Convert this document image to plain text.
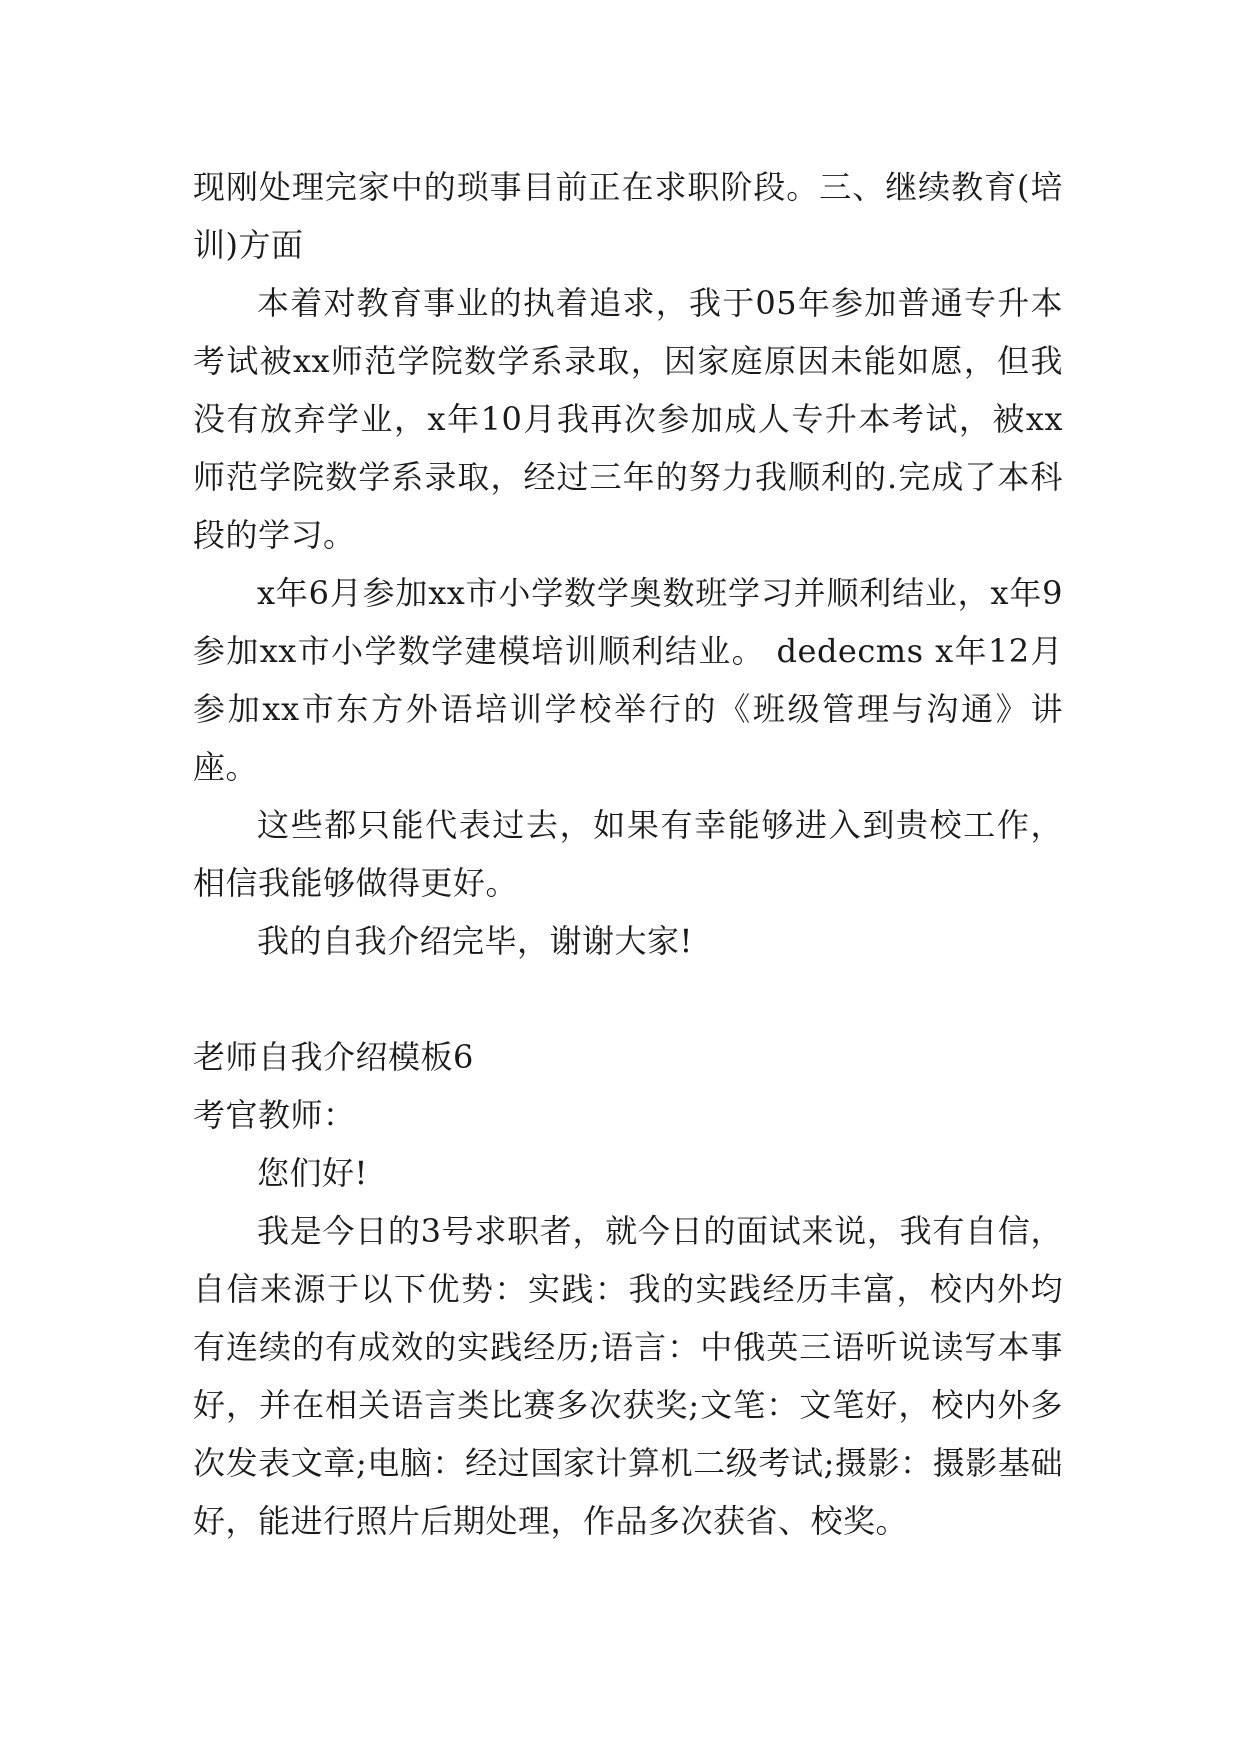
现刚处理完家中的琐事目前正在求职阶段。三、继续教育(培训)方面

本着对教育事业的执着追求，我于05年参加普通专升本考试被xx师范学院数学系录取，因家庭原因未能如愿，但我没有放弃学业，x年10月我再次参加成人专升本考试，被xx师范学院数学系录取，经过三年的努力我顺利的.完成了本科段的学习。

x年6月参加xx市小学数学奥数班学习并顺利结业，x年9参加xx市小学数学建模培训顺利结业。 dedecms x年12月参加xx市东方外语培训学校举行的《班级管理与沟通》讲座。

这些都只能代表过去，如果有幸能够进入到贵校工作，相信我能够做得更好。

我的自我介绍完毕，谢谢大家!

老师自我介绍模板6

考官教师：

您们好!

我是今日的3号求职者，就今日的面试来说，我有自信，自信来源于以下优势：实践：我的实践经历丰富，校内外均有连续的有成效的实践经历;语言：中俄英三语听说读写本事好，并在相关语言类比赛多次获奖;文笔：文笔好，校内外多次发表文章;电脑：经过国家计算机二级考试;摄影：摄影基础好，能进行照片后期处理，作品多次获省、校奖。
